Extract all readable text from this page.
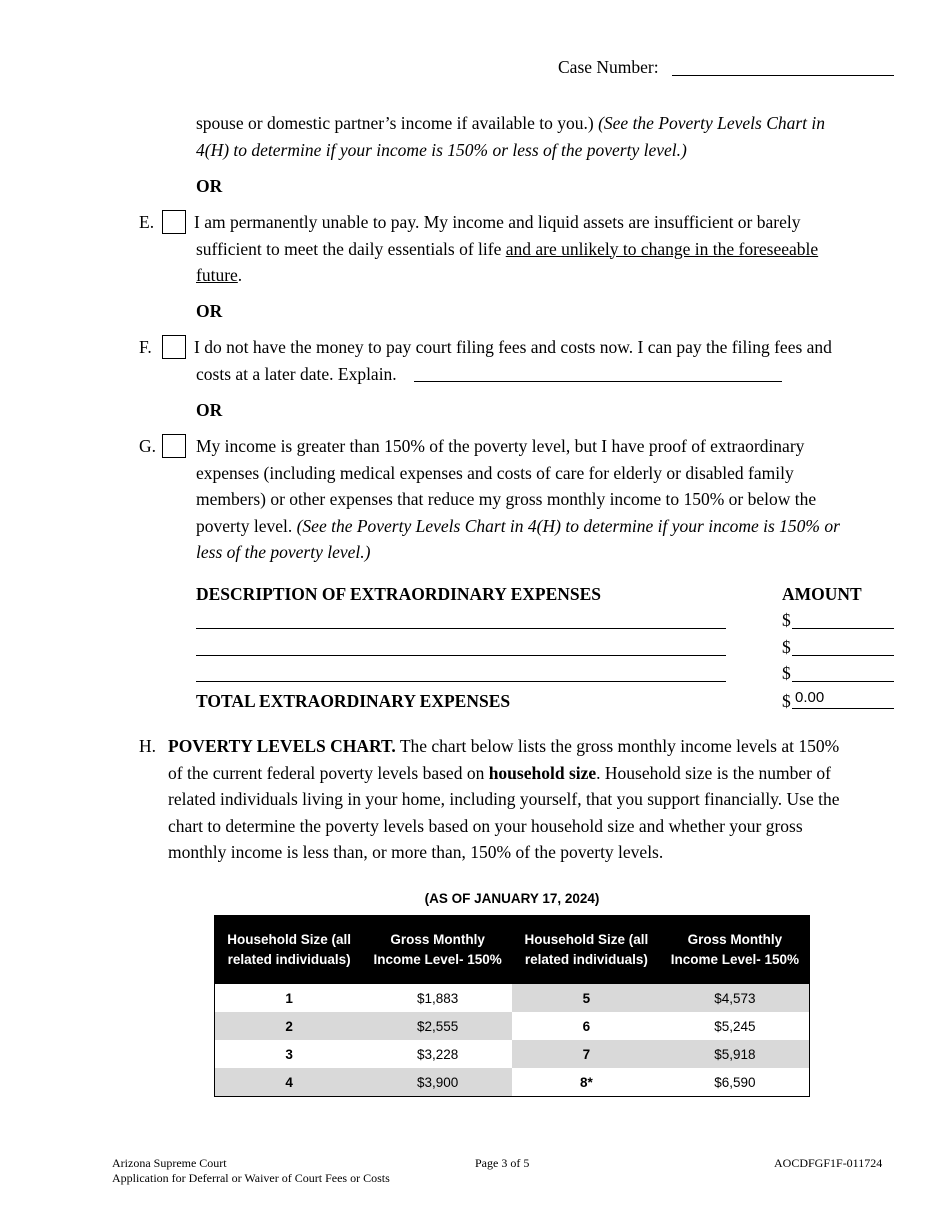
Case Number:
spouse or domestic partner’s income if available to you.) (See the Poverty Levels Chart in
4(H) to determine if your income is 150% or less of the poverty level.)
OR
E. I am permanently unable to pay. My income and liquid assets are insufficient or barely
sufficient to meet the daily essentials of life and are unlikely to change in the foreseeable
future.
OR
F. I do not have the money to pay court filing fees and costs now. I can pay the filing fees and
costs at a later date. Explain.
OR
G. My income is greater than 150% of the poverty level, but I have proof of extraordinary
expenses (including medical expenses and costs of care for elderly or disabled family
members) or other expenses that reduce my gross monthly income to 150% or below the
poverty level. (See the Poverty Levels Chart in 4(H) to determine if your income is 150% or
less of the poverty level.)
DESCRIPTION OF EXTRAORDINARY EXPENSES	AMOUNT
$
$
$
TOTAL EXTRAORDINARY EXPENSES	$ 0.00
H. POVERTY LEVELS CHART. The chart below lists the gross monthly income levels at 150%
of the current federal poverty levels based on household size. Household size is the number of
related individuals living in your home, including yourself, that you support financially. Use the
chart to determine the poverty levels based on your household size and whether your gross
monthly income is less than, or more than, 150% of the poverty levels.
(AS OF JANUARY 17, 2024)
Household Size (all related individuals)	Gross Monthly Income Level- 150%	Household Size (all related individuals)	Gross Monthly Income Level- 150%
1	$1,883	5	$4,573
2	$2,555	6	$5,245
3	$3,228	7	$5,918
4	$3,900	8*	$6,590
Arizona Supreme Court
Application for Deferral or Waiver of Court Fees or Costs
Page 3 of 5	AOCDFGF1F-011724
